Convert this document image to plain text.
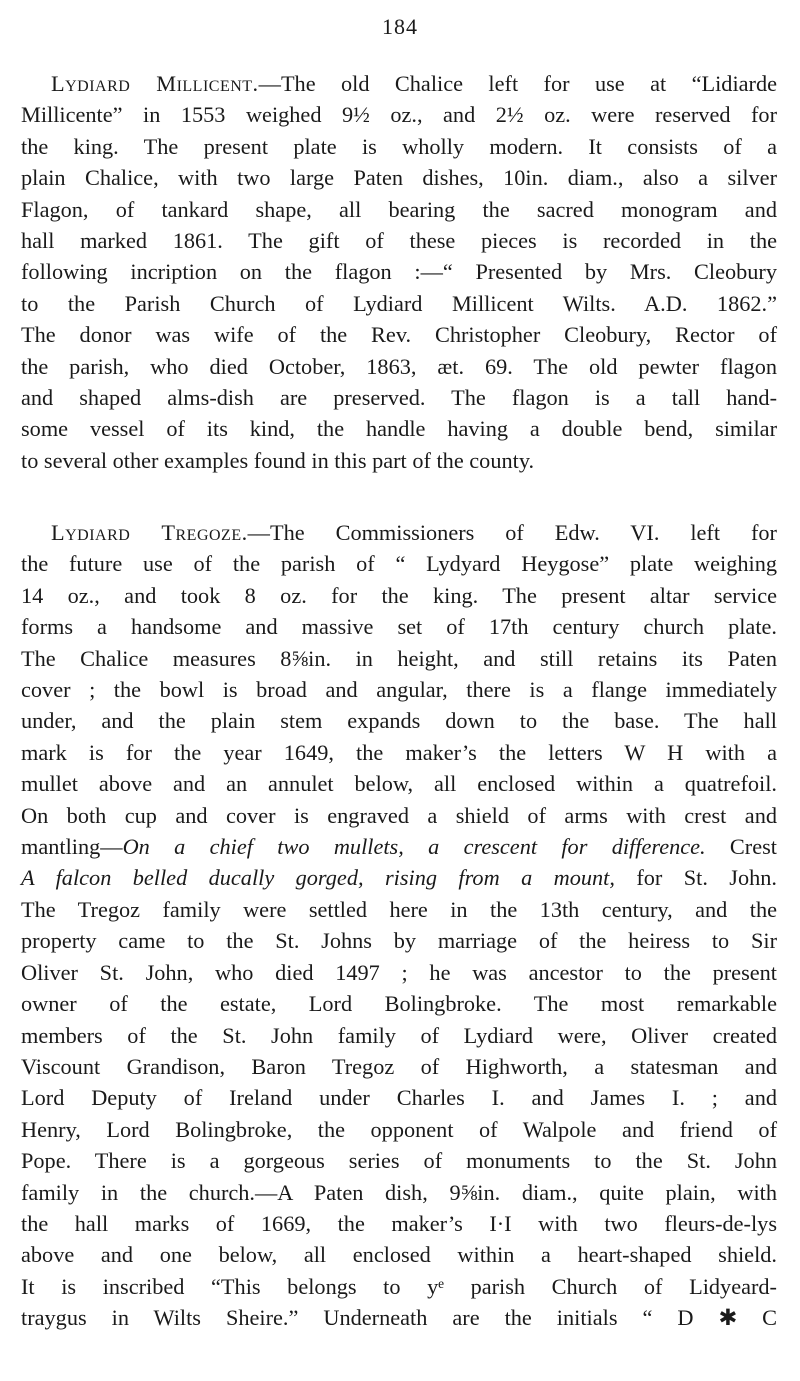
184
Lydiard Millicent.—The old Chalice left for use at “Lidiarde
Millicente” in 1553 weighed 9½ oz., and 2½ oz. were reserved for
the king. The present plate is wholly modern. It consists of a
plain Chalice, with two large Paten dishes, 10in. diam., also a silver
Flagon, of tankard shape, all bearing the sacred monogram and
hall marked 1861. The gift of these pieces is recorded in the
following incription on the flagon :—“ Presented by Mrs. Cleobury
to the Parish Church of Lydiard Millicent Wilts. A.D. 1862.”
The donor was wife of the Rev. Christopher Cleobury, Rector of
the parish, who died October, 1863, æt. 69. The old pewter flagon
and shaped alms-dish are preserved. The flagon is a tall hand-
some vessel of its kind, the handle having a double bend, similar
to several other examples found in this part of the county.
Lydiard Tregoze.—The Commissioners of Edw. VI. left for
the future use of the parish of “ Lydyard Heygose” plate weighing
14 oz., and took 8 oz. for the king. The present altar service
forms a handsome and massive set of 17th century church plate.
The Chalice measures 8⅝in. in height, and still retains its Paten
cover ; the bowl is broad and angular, there is a flange immediately
under, and the plain stem expands down to the base. The hall
mark is for the year 1649, the maker’s the letters W H with a
mullet above and an annulet below, all enclosed within a quatrefoil.
On both cup and cover is engraved a shield of arms with crest and
mantling—On a chief two mullets, a crescent for difference. Crest
A falcon belled ducally gorged, rising from a mount, for St. John.
The Tregoz family were settled here in the 13th century, and the
property came to the St. Johns by marriage of the heiress to Sir
Oliver St. John, who died 1497 ; he was ancestor to the present
owner of the estate, Lord Bolingbroke. The most remarkable
members of the St. John family of Lydiard were, Oliver created
Viscount Grandison, Baron Tregoz of Highworth, a statesman and
Lord Deputy of Ireland under Charles I. and James I. ; and
Henry, Lord Bolingbroke, the opponent of Walpole and friend of
Pope. There is a gorgeous series of monuments to the St. John
family in the church.—A Paten dish, 9⅝in. diam., quite plain, with
the hall marks of 1669, the maker’s I·I with two fleurs-de-lys
above and one below, all enclosed within a heart-shaped shield.
It is inscribed “This belongs to yᵉ parish Church of Lidyeard-
traygus in Wilts Sheire.” Underneath are the initials “ D ✱ C
